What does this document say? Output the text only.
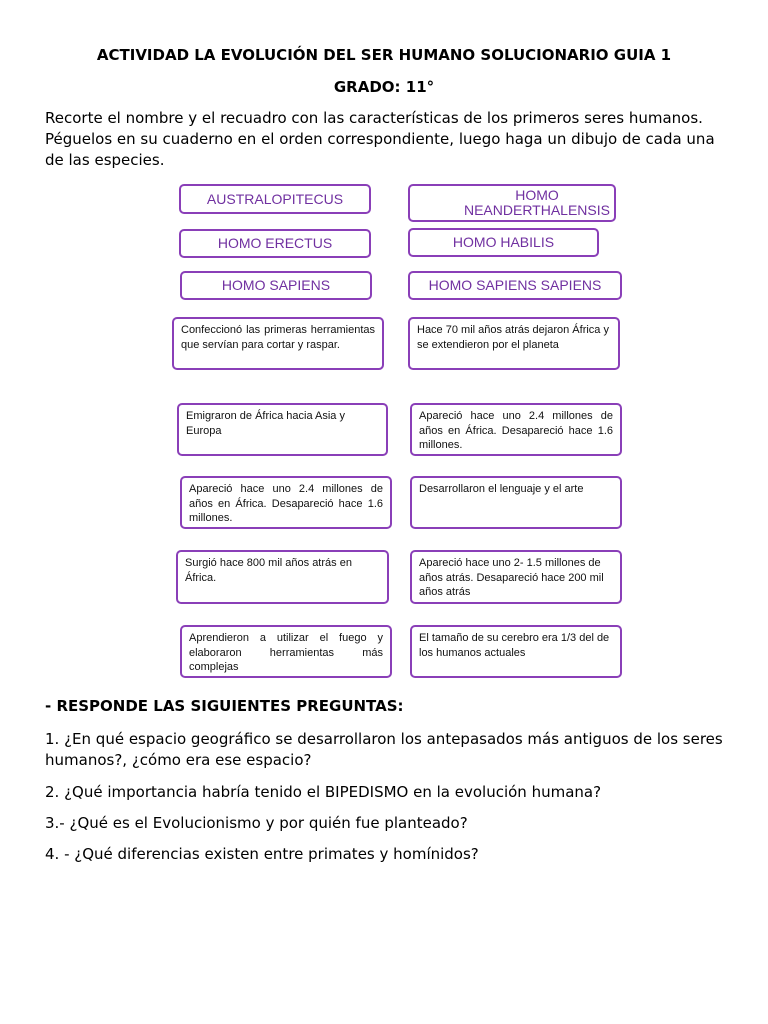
ACTIVIDAD LA EVOLUCIÓN DEL SER HUMANO SOLUCIONARIO GUIA 1
GRADO: 11°
Recorte el nombre y el recuadro con las características de los primeros seres humanos. Péguelos en su cuaderno en el orden correspondiente, luego haga un dibujo de cada una de las especies.
AUSTRALOPITECUS	HOMO NEANDERTHALENSIS
HOMO ERECTUS	HOMO HABILIS
HOMO SAPIENS	HOMO SAPIENS SAPIENS
Confeccionó las primeras herramientas que servían para cortar y raspar.
Hace 70 mil años atrás dejaron África y se extendieron por el planeta
Emigraron de África hacia Asia y Europa
Apareció hace uno 2.4 millones de años en África. Desapareció hace 1.6 millones.
Apareció hace uno 2.4 millones de años en África. Desapareció hace 1.6 millones.
Desarrollaron el lenguaje y el arte
Surgió hace 800 mil años atrás en África.
Apareció hace uno 2- 1.5 millones de años atrás. Desapareció hace 200 mil años atrás
Aprendieron a utilizar el fuego y elaboraron herramientas más complejas
El tamaño de su cerebro era 1/3 del de los humanos actuales
- RESPONDE LAS SIGUIENTES PREGUNTAS:
1. ¿En qué espacio geográfico se desarrollaron los antepasados más antiguos de los seres humanos?, ¿cómo era ese espacio?
2. ¿Qué importancia habría tenido el BIPEDISMO en la evolución humana?
3.- ¿Qué es el Evolucionismo y por quién fue planteado?
4. - ¿Qué diferencias existen entre primates y homínidos?
